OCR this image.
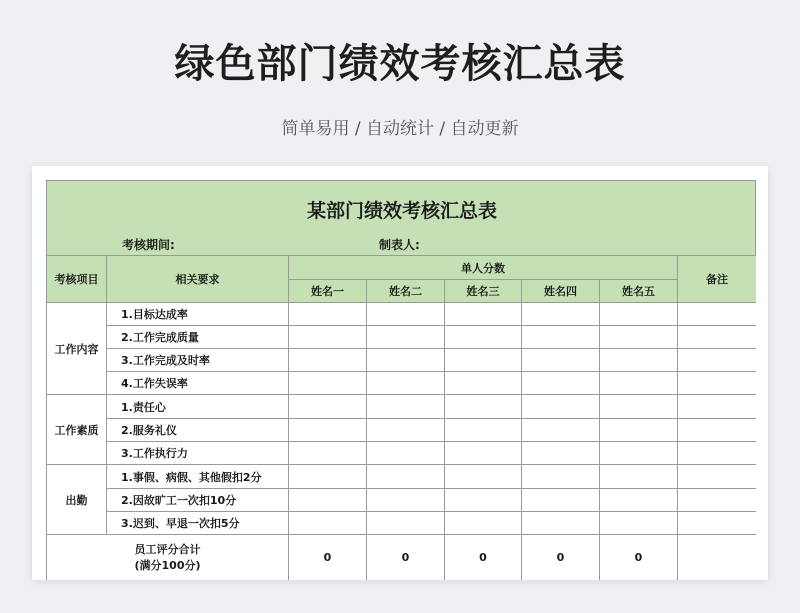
绿色部门绩效考核汇总表
简单易用 / 自动统计 / 自动更新
某部门绩效考核汇总表
考核期间:	制表人:
考核项目	相关要求	单人分数					备注
		姓名一	姓名二	姓名三	姓名四	姓名五	
工作内容	1.目标达成率						
	2.工作完成质量						
	3.工作完成及时率						
	4.工作失误率						
工作素质	1.责任心						
	2.服务礼仪						
	3.工作执行力						
出勤	1.事假、病假、其他假扣2分						
	2.因故旷工一次扣10分						
	3.迟到、早退一次扣5分						

员工评分合计
(满分100分)		0	0	0	0	0	
